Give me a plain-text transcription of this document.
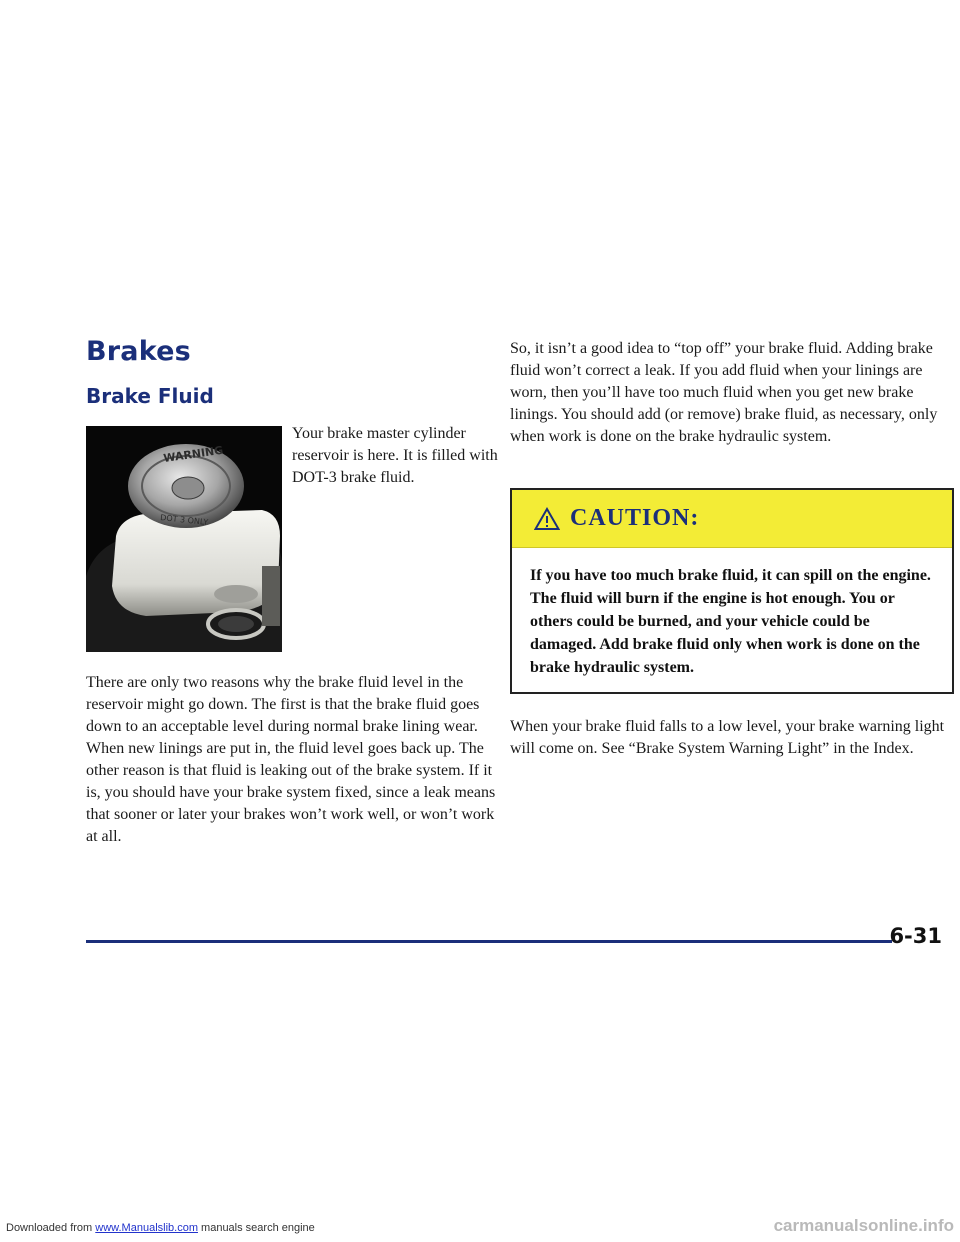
Brakes
Brake Fluid
WARNING
DOT 3 ONLY

Your brake master cylinder reservoir is here. It is filled with DOT-3 brake fluid.

There are only two reasons why the brake fluid level in the reservoir might go down. The first is that the brake fluid goes down to an acceptable level during normal brake lining wear. When new linings are put in, the fluid level goes back up. The other reason is that fluid is leaking out of the brake system. If it is, you should have your brake system fixed, since a leak means that sooner or later your brakes won’t work well, or won’t work at all.

So, it isn’t a good idea to “top off” your brake fluid. Adding brake fluid won’t correct a leak. If you add fluid when your linings are worn, then you’ll have too much fluid when you get new brake linings. You should add (or remove) brake fluid, as necessary, only when work is done on the brake hydraulic system.

CAUTION:
If you have too much brake fluid, it can spill on the engine. The fluid will burn if the engine is hot enough. You or others could be burned, and your vehicle could be damaged. Add brake fluid only when work is done on the brake hydraulic system.

When your brake fluid falls to a low level, your brake warning light will come on. See “Brake System Warning Light” in the Index.

6-31

Downloaded from www.Manualslib.com manuals search engine	carmanualsonline.info
